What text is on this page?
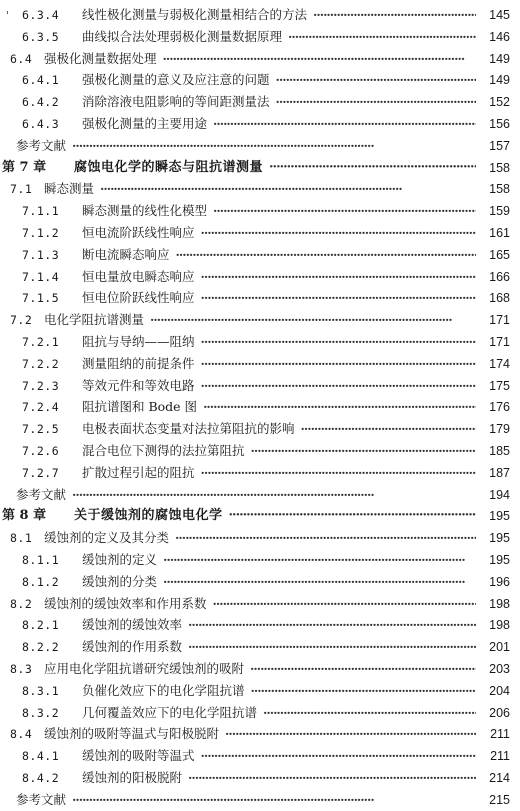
' 6.3.4	线性极化测量与弱极化测量相结合的方法 ·····	145
6.3.5	曲线拟合法处理弱极化测量数据原理 ·····	146
6.4 强极化测量数据处理 ·····	149
6.4.1	强极化测量的意义及应注意的问题 ·····	149
6.4.2	消除溶液电阻影响的等间距测量法 ·····	152
6.4.3	强极化测量的主要用途 ·····	156
参考文献 ·····	157
第 7 章	腐蚀电化学的瞬态与阻抗谱测量 ·····	158
7.1 瞬态测量 ·····	158
7.1.1	瞬态测量的线性化模型 ·····	159
7.1.2	恒电流阶跃线性响应 ·····	161
7.1.3	断电流瞬态响应 ·····	165
7.1.4	恒电量放电瞬态响应 ·····	166
7.1.5	恒电位阶跃线性响应 ·····	168
7.2 电化学阻抗谱测量 ·····	171
7.2.1	阻抗与导纳——阻纳 ·····	171
7.2.2	测量阻纳的前提条件 ·····	174
7.2.3	等效元件和等效电路 ·····	175
7.2.4	阻抗谱图和 Bode 图 ·····	176
7.2.5	电极表面状态变量对法拉第阻抗的影响 ·····	179
7.2.6	混合电位下测得的法拉第阻抗 ·····	185
7.2.7	扩散过程引起的阻抗 ·····	187
参考文献 ·····	194
第 8 章	关于缓蚀剂的腐蚀电化学 ·····	195
8.1 缓蚀剂的定义及其分类 ·····	195
8.1.1	缓蚀剂的定义 ·····	195
8.1.2	缓蚀剂的分类 ·····	196
8.2 缓蚀剂的缓蚀效率和作用系数 ·····	198
8.2.1	缓蚀剂的缓蚀效率 ·····	198
8.2.2	缓蚀剂的作用系数 ·····	201
8.3 应用电化学阻抗谱研究缓蚀剂的吸附 ·····	203
8.3.1	负催化效应下的电化学阻抗谱 ·····	204
8.3.2	几何覆盖效应下的电化学阻抗谱 ·····	206
8.4 缓蚀剂的吸附等温式与阳极脱附 ·····	211
8.4.1	缓蚀剂的吸附等温式 ·····	211
8.4.2	缓蚀剂的阳极脱附 ·····	214
参考文献 ·····	215
